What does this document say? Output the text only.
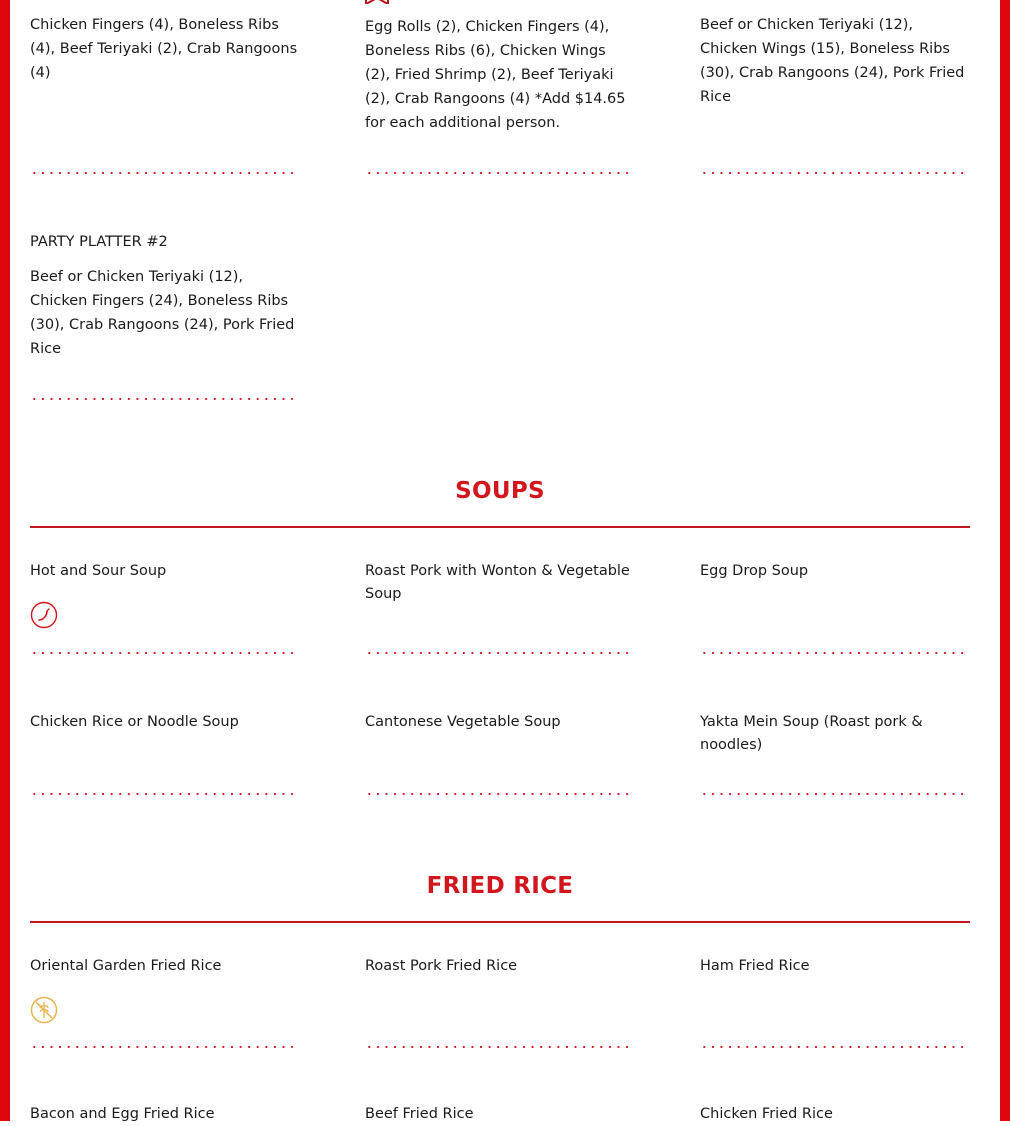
Chicken Fingers (4), Boneless Ribs (4), Beef Teriyaki (2), Crab Rangoons (4)

Egg Rolls (2), Chicken Fingers (4), Boneless Ribs (6), Chicken Wings (2), Fried Shrimp (2), Beef Teriyaki (2), Crab Rangoons (4) *Add $14.65 for each additional person.

Beef or Chicken Teriyaki (12), Chicken Wings (15), Boneless Ribs (30), Crab Rangoons (24), Pork Fried Rice

PARTY PLATTER #2

Beef or Chicken Teriyaki (12), Chicken Fingers (24), Boneless Ribs (30), Crab Rangoons (24), Pork Fried Rice

SOUPS

Hot and Sour Soup	Roast Pork with Wonton & Vegetable Soup

Egg Drop Soup

Chicken Rice or Noodle Soup	Cantonese Vegetable Soup	Yakta Mein Soup (Roast pork & noodles)

FRIED RICE

Oriental Garden Fried Rice	Roast Pork Fried Rice	Ham Fried Rice

Bacon and Egg Fried Rice	Beef Fried Rice	Chicken Fried Rice
